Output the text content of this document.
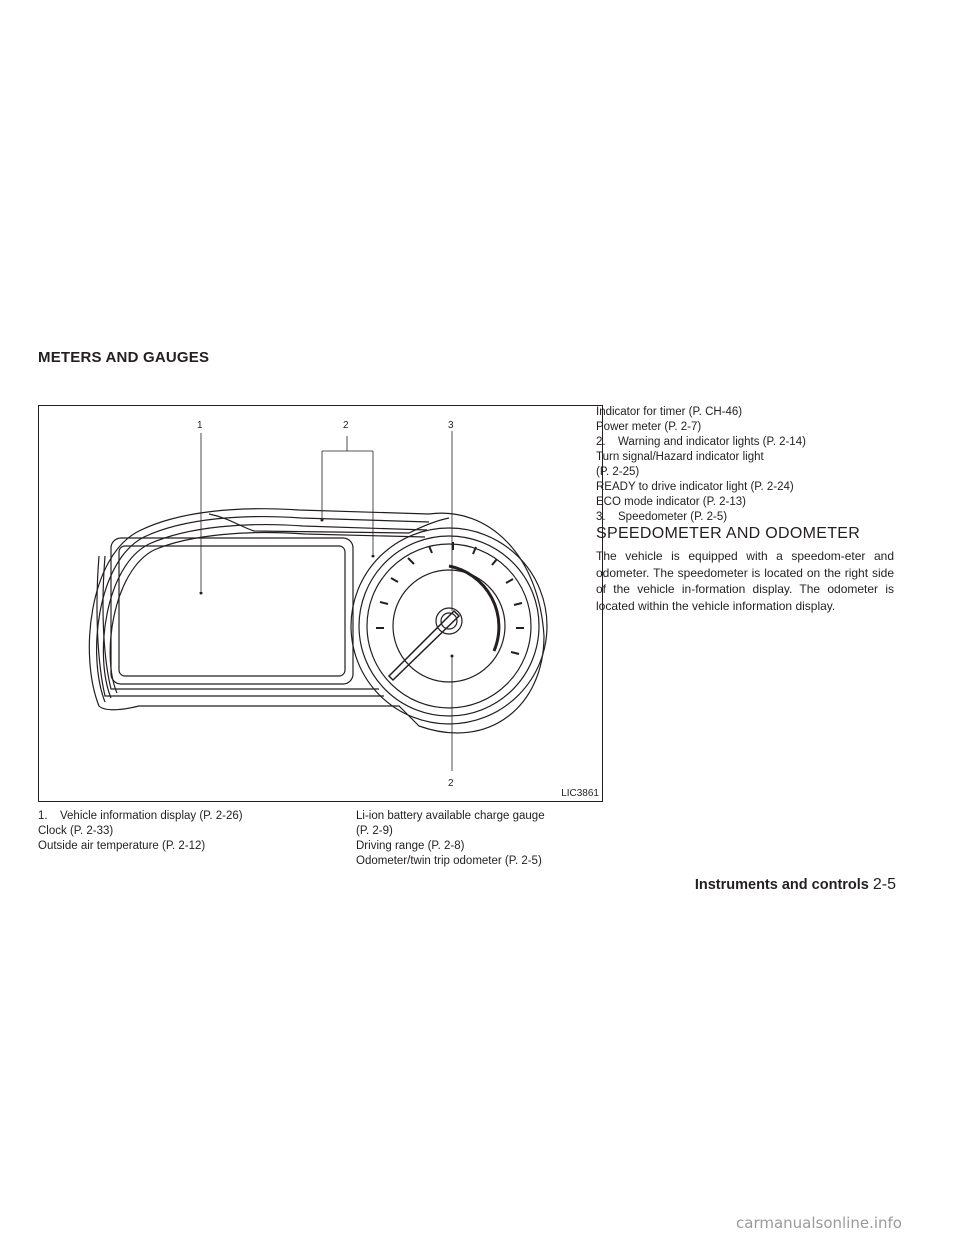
METERS AND GAUGES
1	2	3
2
LIC3861
1.	Vehicle information display (P. 2-26)
Clock (P. 2-33)
Outside air temperature (P. 2-12)
Li-ion battery available charge gauge
(P. 2-9)
Driving range (P. 2-8)
Odometer/twin trip odometer (P. 2-5)
Indicator for timer (P. CH-46)
Power meter (P. 2-7)
2.	Warning and indicator lights (P. 2-14)
Turn signal/Hazard indicator light
(P. 2-25)
READY to drive indicator light (P. 2-24)
ECO mode indicator (P. 2-13)
3.	Speedometer (P. 2-5)
SPEEDOMETER AND ODOMETER

The vehicle is equipped with a speedom-eter and odometer. The speedometer is located on the right side of the vehicle in-formation display. The odometer is located within the vehicle information display.

Instruments and controls 2-5
carmanualsonline.info
